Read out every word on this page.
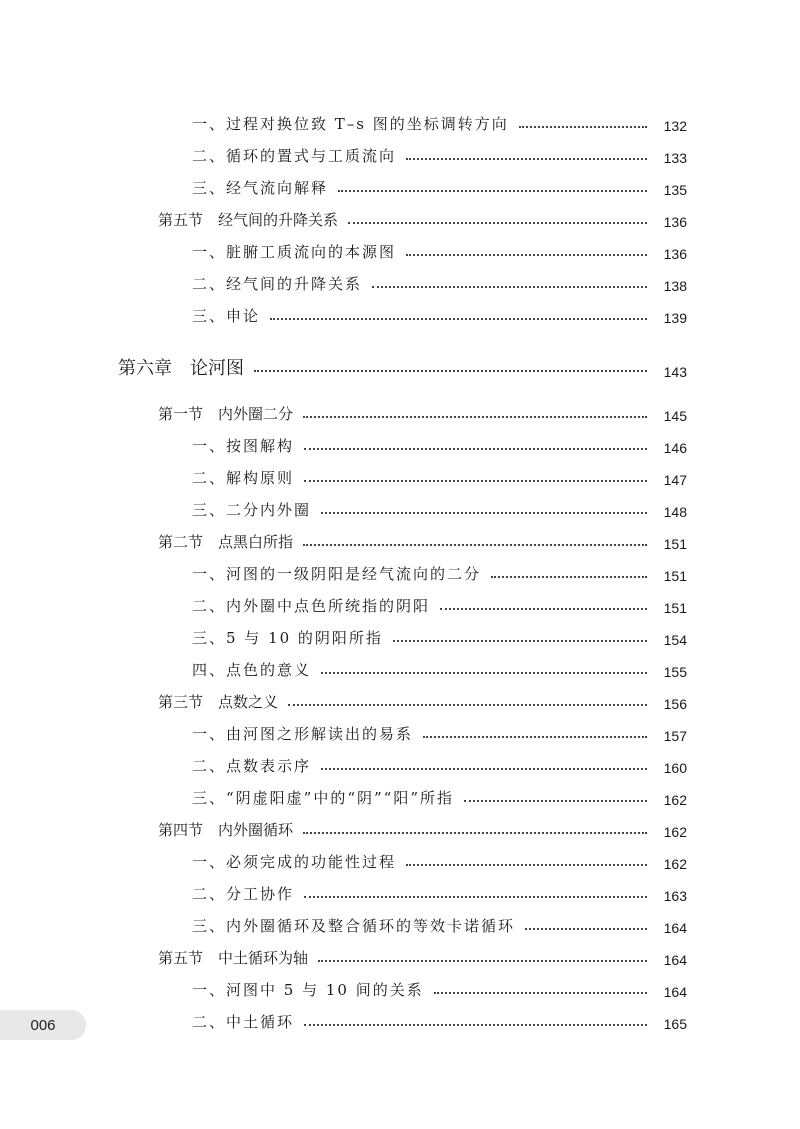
一、过程对换位致 T–s 图的坐标调转方向	132
二、循环的置式与工质流向	133
三、经气流向解释	135
第五节　经气间的升降关系	136
一、脏腑工质流向的本源图	136
二、经气间的升降关系	138
三、申论	139
第六章　论河图	143
第一节　内外圈二分	145
一、按图解构	146
二、解构原则	147
三、二分内外圈	148
第二节　点黑白所指	151
一、河图的一级阴阳是经气流向的二分	151
二、内外圈中点色所统指的阴阳	151
三、5 与 10 的阴阳所指	154
四、点色的意义	155
第三节　点数之义	156
一、由河图之形解读出的易系	157
二、点数表示序	160
三、“阴虚阳虚”中的“阴”“阳”所指	162
第四节　内外圈循环	162
一、必须完成的功能性过程	162
二、分工协作	163
三、内外圈循环及整合循环的等效卡诺循环	164
第五节　中土循环为轴	164
一、河图中 5 与 10 间的关系	164
二、中土循环	165
006
